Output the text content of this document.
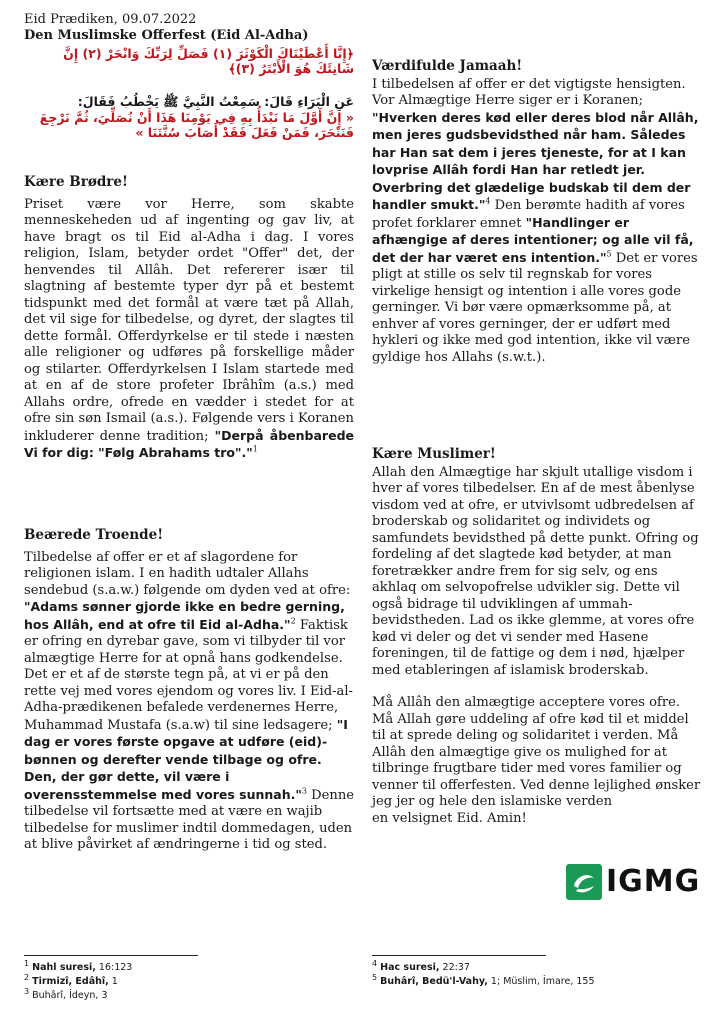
Eid Prædiken, 09.07.2022
Den Muslimske Offerfest (Eid Al-Adha)
﴿إِنَّا أَعْطَيْنَاكَ الْكَوْثَرَ (١) فَصَلِّ لِرَبِّكَ وَانْحَرْ (٢) إِنَّ شَانِئَكَ هُوَ الْأَبْتَرُ (٣)﴾
عَنِ الْبَرَاءِ قَالَ: سَمِعْتُ النَّبِيَّ ﷺ يَخْطُبُ فَقَالَ:
« إِنَّ أَوَّلَ مَا نَبْدَأُ بِهِ فِي يَوْمِنَا هَذَا أَنْ نُصَلِّيَ، ثُمَّ نَرْجِعَ فَنَنْحَرَ، فَمَنْ فَعَلَ فَقَدْ أَصَابَ سُنَّتَنَا »

Kære Brødre!

Priset være vor Herre, som skabte menneskeheden ud af ingenting og gav liv, at have bragt os til Eid al-Adha i dag. I vores religion, Islam, betyder ordet "Offer" det, der henvendes til Allâh. Det refererer især til slagtning af bestemte typer dyr på et bestemt tidspunkt med det formål at være tæt på Allah, det vil sige for tilbedelse, og dyret, der slagtes til dette formål. Offerdyrkelse er til stede i næsten alle religioner og udføres på forskellige måder og stilarter. Offerdyrkelsen I Islam startede med at en af de store profeter Ibrâhîm (a.s.) med Allahs ordre, ofrede en vædder i stedet for at ofre sin søn Ismail (a.s.). Følgende vers i Koranen inkluderer denne tradition; "Derpå åbenbarede Vi for dig: "Følg Abrahams tro"."$^1$

Beærede Troende!

Tilbedelse af offer er et af slagordene for religionen islam. I en hadith udtaler Allahs sendebud (s.a.w.) følgende om dyden ved at ofre: "Adams sønner gjorde ikke en bedre gerning, hos Allâh, end at ofre til Eid al-Adha."$^2$ Faktisk er ofring en dyrebar gave, som vi tilbyder til vor almægtige Herre for at opnå hans godkendelse. Det er et af de største tegn på, at vi er på den rette vej med vores ejendom og vores liv. I Eid-al-Adha-prædikenen befalede verdenernes Herre, Muhammad Mustafa (s.a.w) til sine ledsagere; "I dag er vores første opgave at udføre (eid)-bønnen og derefter vende tilbage og ofre. Den, der gør dette, vil være i overensstemmelse med vores sunnah."$^3$ Denne tilbedelse vil fortsætte med at være en wajib tilbedelse for muslimer indtil dommedagen, uden at blive påvirket af ændringerne i tid og sted.

Værdifulde Jamaah!

I tilbedelsen af offer er det vigtigste hensigten. Vor Almægtige Herre siger er i Koranen; "Hverken deres kød eller deres blod når Allâh, men jeres gudsbevidsthed når ham. Således har Han sat dem i jeres tjeneste, for at I kan lovprise Allâh fordi Han har retledt jer. Overbring det glædelige budskab til dem der handler smukt."$^4$ Den berømte hadith af vores profet forklarer emnet "Handlinger er afhængige af deres intentioner; og alle vil få, det der har været ens intention."$^5$ Det er vores pligt at stille os selv til regnskab for vores virkelige hensigt og intention i alle vores gode gerninger. Vi bør være opmærksomme på, at enhver af vores gerninger, der er udført med hykleri og ikke med god intention, ikke vil være gyldige hos Allahs (s.w.t.).

Kære Muslimer!

Allah den Almægtige har skjult utallige visdom i hver af vores tilbedelser. En af de mest åbenlyse visdom ved at ofre, er utvivlsomt udbredelsen af broderskab og solidaritet og individets og samfundets bevidsthed på dette punkt. Ofring og fordeling af det slagtede kød betyder, at man foretrækker andre frem for sig selv, og ens akhlaq om selvopofrelse udvikler sig. Dette vil også bidrage til udviklingen af ummah-bevidstheden. Lad os ikke glemme, at vores ofre kød vi deler og det vi sender med Hasene foreningen, til de fattige og dem i nød, hjælper med etableringen af islamisk broderskab.

Må Allâh den almægtige acceptere vores ofre. Må Allah gøre uddeling af ofre kød til et middel til at sprede deling og solidaritet i verden. Må Allâh den almægtige give os mulighed for at tilbringe frugtbare tider med vores familier og venner til offerfesten. Ved denne lejlighed ønsker jeg jer og hele den islamiske verden

en velsignet Eid. Amin!

IGMG
$^1$ Nahl suresi, 16:123
$^2$ Tirmizî, Edâhî, 1
$^3$ Buhârî, İdeyn, 3
$^4$ Hac suresi, 22:37
$^5$ Buhârî, Bedü'l-Vahy, 1; Müslim, İmare, 155
